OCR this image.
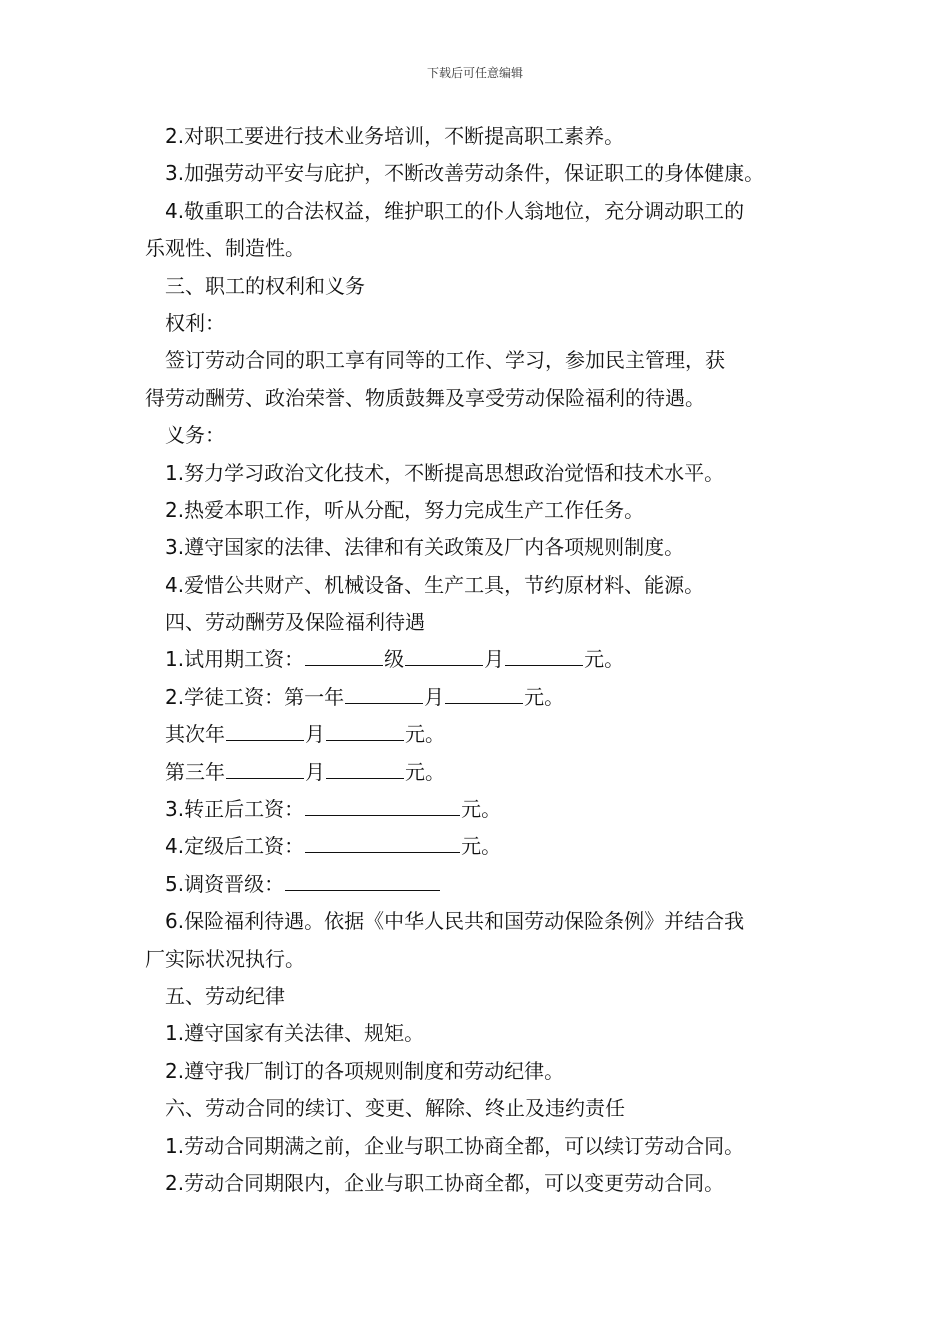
下载后可任意编辑
2.对职工要进行技术业务培训，不断提高职工素养。
3.加强劳动平安与庇护，不断改善劳动条件，保证职工的身体健康。
4.敬重职工的合法权益，维护职工的仆人翁地位，充分调动职工的
乐观性、制造性。
三、职工的权利和义务
权利：
签订劳动合同的职工享有同等的工作、学习，参加民主管理，获
得劳动酬劳、政治荣誉、物质鼓舞及享受劳动保险福利的待遇。
义务：
1.努力学习政治文化技术，不断提高思想政治觉悟和技术水平。
2.热爱本职工作，听从分配，努力完成生产工作任务。
3.遵守国家的法律、法律和有关政策及厂内各项规则制度。
4.爱惜公共财产、机械设备、生产工具，节约原材料、能源。
四、劳动酬劳及保险福利待遇
1.试用期工资：	级	月	元。
2.学徒工资：第一年	月	元。
其次年	月	元。
第三年	月	元。
3.转正后工资：	元。
4.定级后工资：	元。
5.调资晋级：
6.保险福利待遇。依据《中华人民共和国劳动保险条例》并结合我
厂实际状况执行。
五、劳动纪律
1.遵守国家有关法律、规矩。
2.遵守我厂制订的各项规则制度和劳动纪律。
六、劳动合同的续订、变更、解除、终止及违约责任
1.劳动合同期满之前，企业与职工协商全都，可以续订劳动合同。
2.劳动合同期限内，企业与职工协商全都，可以变更劳动合同。
